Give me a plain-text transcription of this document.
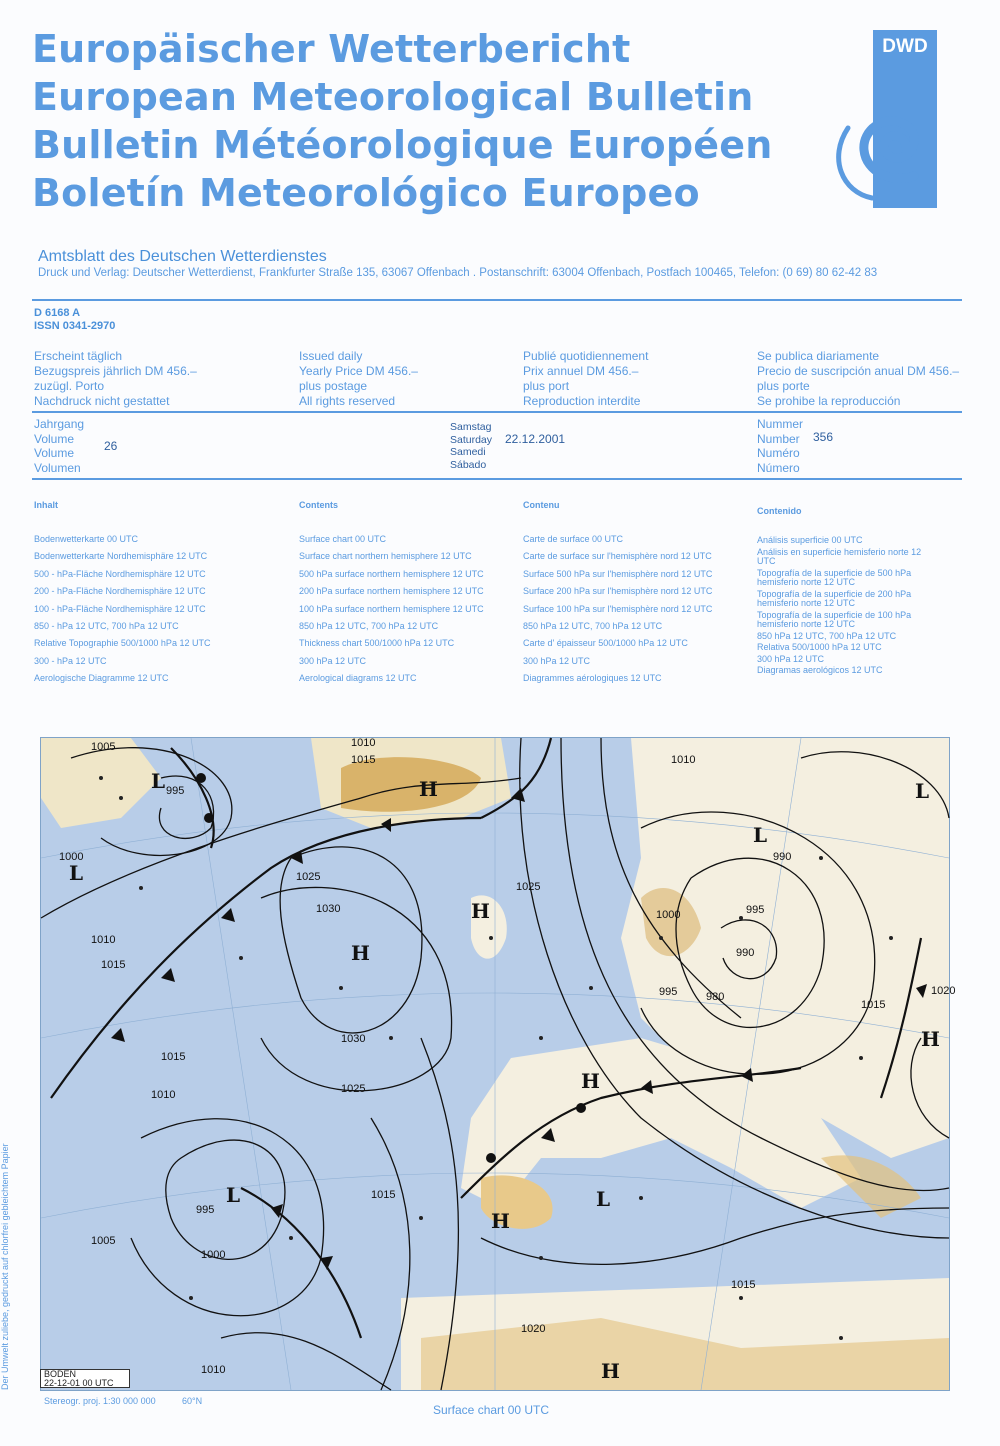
Europäischer Wetterbericht
European Meteorological Bulletin
Bulletin Météorologique Européen
Boletín Meteorológico Europeo
DWD
Amtsblatt des Deutschen Wetterdienstes
Druck und Verlag: Deutscher Wetterdienst, Frankfurter Straße 135, 63067 Offenbach . Postanschrift: 63004 Offenbach, Postfach 100465, Telefon: (0 69) 80 62-42 83
D 6168 A
ISSN 0341-2970
Erscheint täglich
Bezugspreis jährlich DM 456.–
zuzügl. Porto
Nachdruck nicht gestattet
Issued daily
Yearly Price DM 456.–
plus postage
All rights reserved
Publié quotidiennement
Prix annuel DM 456.–
plus port
Reproduction interdite
Se publica diariamente
Precio de suscripción anual DM 456.–
plus porte
Se prohibe la reproducción
Jahrgang
Volume
Volume
Volumen
26
Samstag
Saturday
Samedi
Sábado
22.12.2001
Nummer
Number
Numéro
Número
356
Inhalt
Bodenwetterkarte 00 UTC
Bodenwetterkarte Nordhemisphäre 12 UTC
500 - hPa-Fläche Nordhemisphäre 12 UTC
200 - hPa-Fläche Nordhemisphäre 12 UTC
100 - hPa-Fläche Nordhemisphäre 12 UTC
850 - hPa 12 UTC, 700 hPa 12 UTC
Relative Topographie 500/1000 hPa 12 UTC
300 - hPa 12 UTC
Aerologische Diagramme 12 UTC
Contents
Surface chart 00 UTC
Surface chart northern hemisphere 12 UTC
500 hPa surface northern hemisphere 12 UTC
200 hPa surface northern hemisphere 12 UTC
100 hPa surface northern hemisphere 12 UTC
850 hPa 12 UTC, 700 hPa 12 UTC
Thickness chart 500/1000 hPa 12 UTC
300 hPa 12 UTC
Aerological diagrams 12 UTC
Contenu
Carte de surface 00 UTC
Carte de surface sur l'hemisphère nord 12 UTC
Surface 500 hPa sur l'hemisphère nord 12 UTC
Surface 200 hPa sur l'hemisphère nord 12 UTC
Surface 100 hPa sur l'hemisphère nord 12 UTC
850 hPa 12 UTC, 700 hPa 12 UTC
Carte d' épaisseur 500/1000 hPa 12 UTC
300 hPa 12 UTC
Diagrammes aérologiques 12 UTC
Contenido
Análisis superficie 00 UTC
Análisis en superficie hemisferio norte 12 UTC
Topografía de la superficie de 500 hPa hemisferio norte 12 UTC
Topografía de la superficie de 200 hPa hemisferio norte 12 UTC
Topografía de la superficie de 100 hPa hemisferio norte 12 UTC
850 hPa 12 UTC, 700 hPa 12 UTC
Relativa 500/1000 hPa 12 UTC
300 hPa 12 UTC
Diagramas aerológicos 12 UTC
1005
1005
1010
1010
1010
1010
1010
1015
1015
1015
1015
1015
1015
1025
1025
1025
1030
1030
1000
1000
1000
995
995
995
995
990
990
980
1020
1020
H
H
H
H
H
H
H
L
L
L	L
L
L
BODEN
22-12-01 00 UTC
Stereogr. proj. 1:30 000 000	60°N
Surface chart 00 UTC
Der Umwelt zuliebe, gedruckt auf chlorfrei gebleichtem Papier
